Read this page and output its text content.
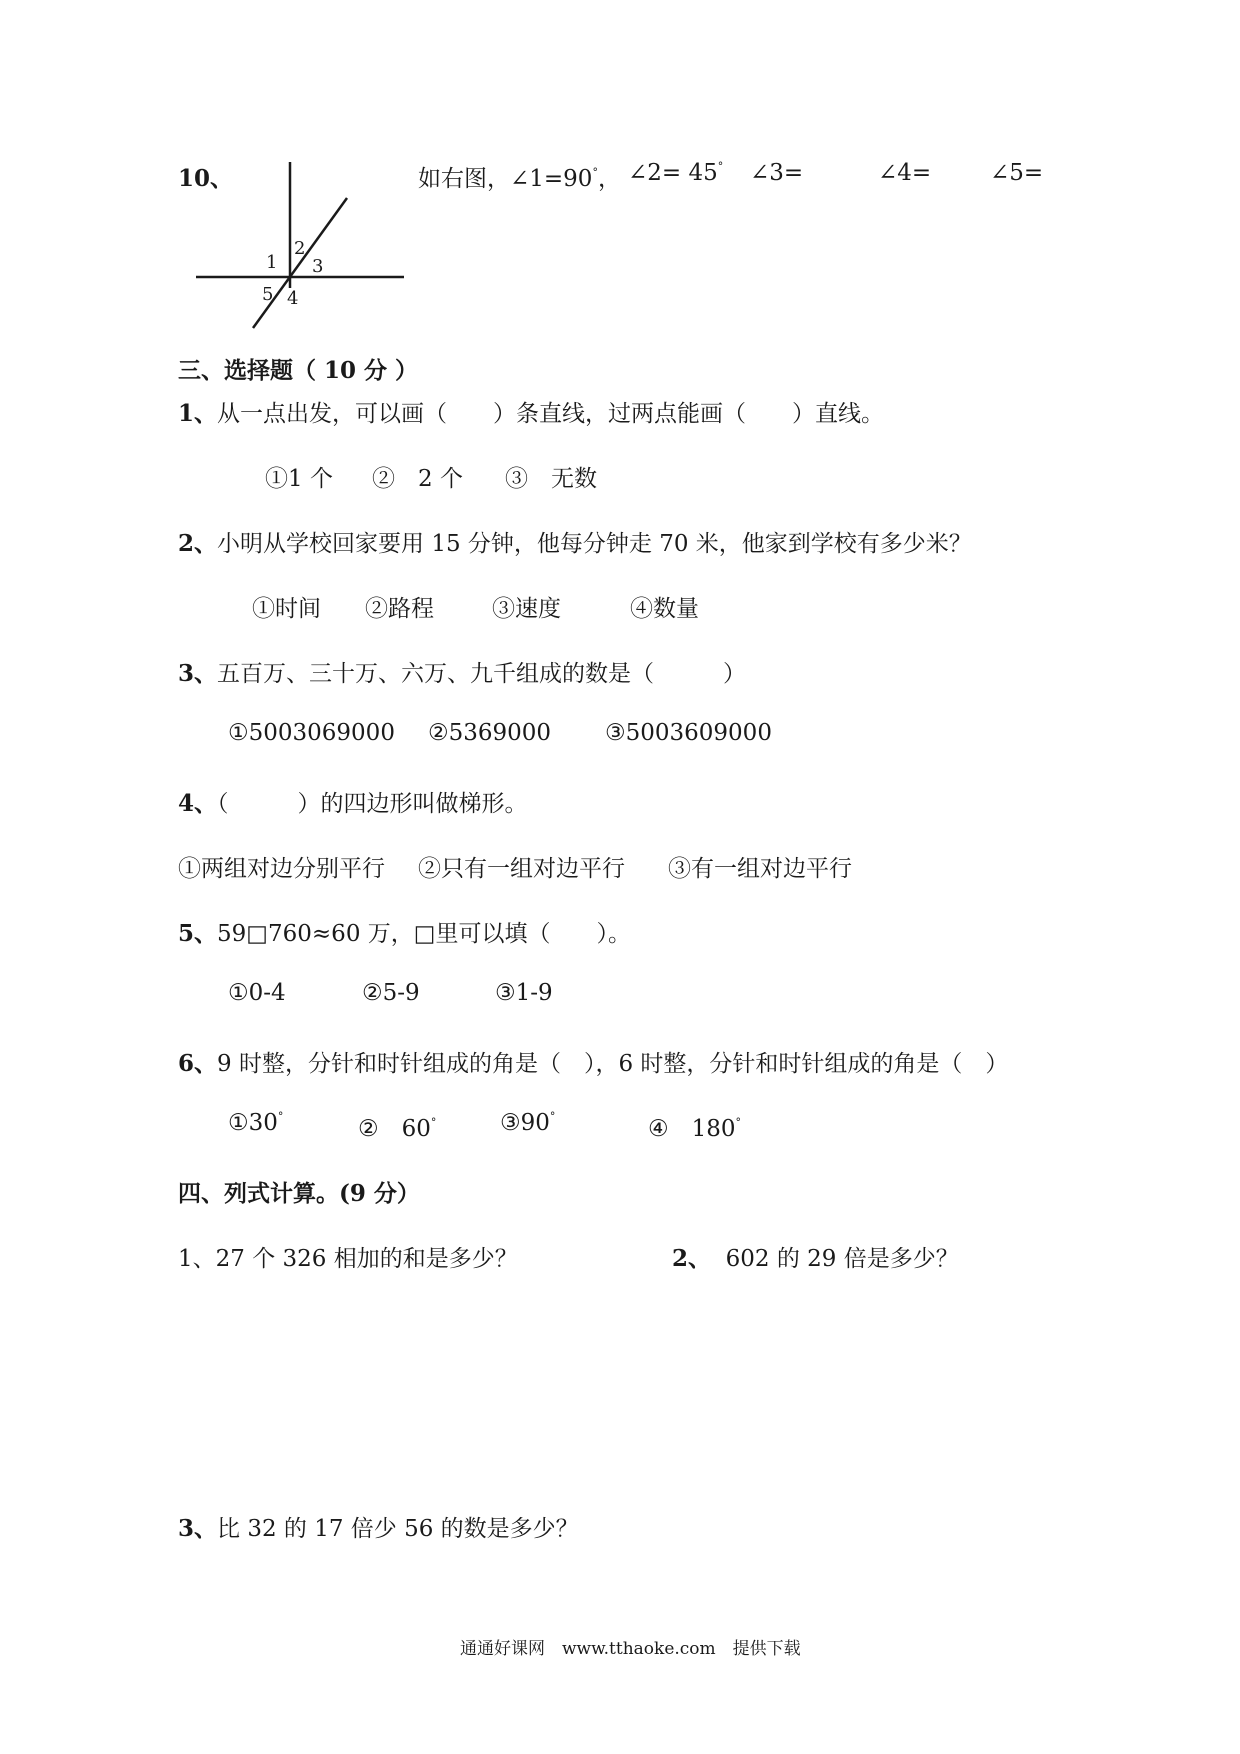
10、
1
2
3
4
5
如右图，∠1=90°， ∠2= 45° ∠3=	∠4=	∠5=
三、选择题（ 10 分 ）
1、从一点出发，可以画（　　）条直线，过两点能画（　　）直线。
①1 个 ②　2 个 ③　无数
2、小明从学校回家要用 15 分钟，他每分钟走 70 米，他家到学校有多少米？
①时间 ②路程	③速度	④数量
3、五百万、三十万、六万、九千组成的数是（　　　）
①5003069000 ②5369000 ③5003609000
4、（　　　）的四边形叫做梯形。
①两组对边分别平行 ②只有一组对边平行 ③有一组对边平行
5、59□760≈60 万，□里可以填（　　）。
①0-4	②5-9	③1-9
6、9 时整，分针和时针组成的角是（　），6 时整，分针和时针组成的角是（　）
①30°	②　60°	③90°	④　180°
四、列式计算。(9 分）
1、27 个 326 相加的和是多少？	2、 602 的 29 倍是多少？
3、比 32 的 17 倍少 56 的数是多少？
通通好课网　www.tthaoke.com　提供下载
